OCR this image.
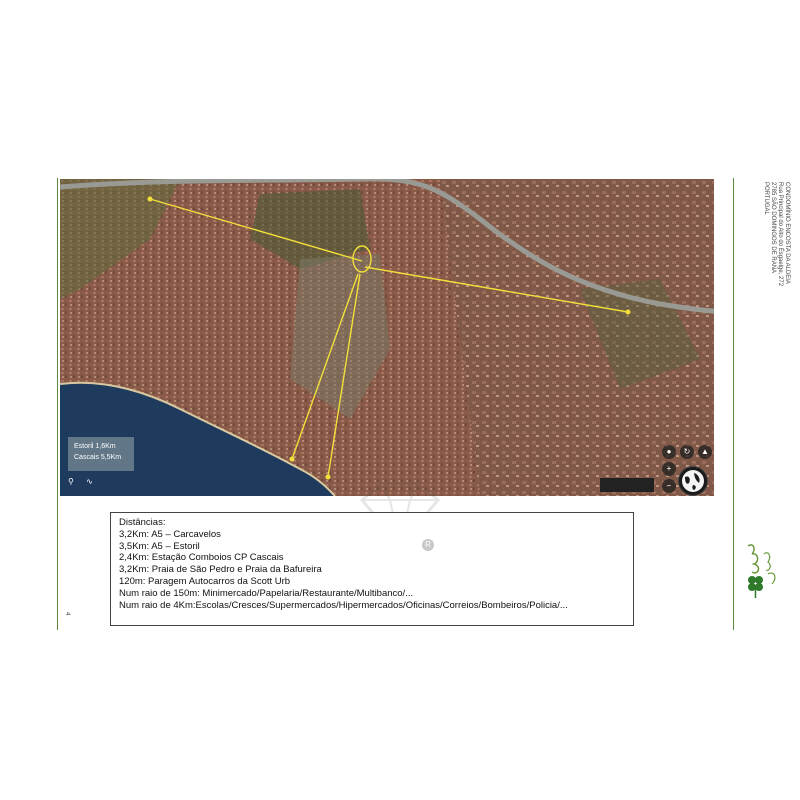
4
CONDOMÍNIO ENCOSTA DA ALDEIA
Rua Principal do Alto do Ésgaelge, 272
2785 SÃO DOMINGOS DE RANA
PORTUGAL
Estoril 1,6Km
Cascais 5,5Km
⚲ ∿
●	↻	▲
+
−
Distâncias:
3,2Km: A5 – Carcavelos
3,5Km: A5 – Estoril
2,4Km: Estação Comboios CP Cascais
3,2Km: Praia de São Pedro e Praia da Bafureira
120m: Paragem Autocarros da Scott Urb
Num raio de 150m: Minimercado/Papelaria/Restaurante/Multibanco/...
Num raio de 4Km:Escolas/Cresces/Supermercados/Hipermercados/Oficinas/Correios/Bombeiros/Policia/...
R
